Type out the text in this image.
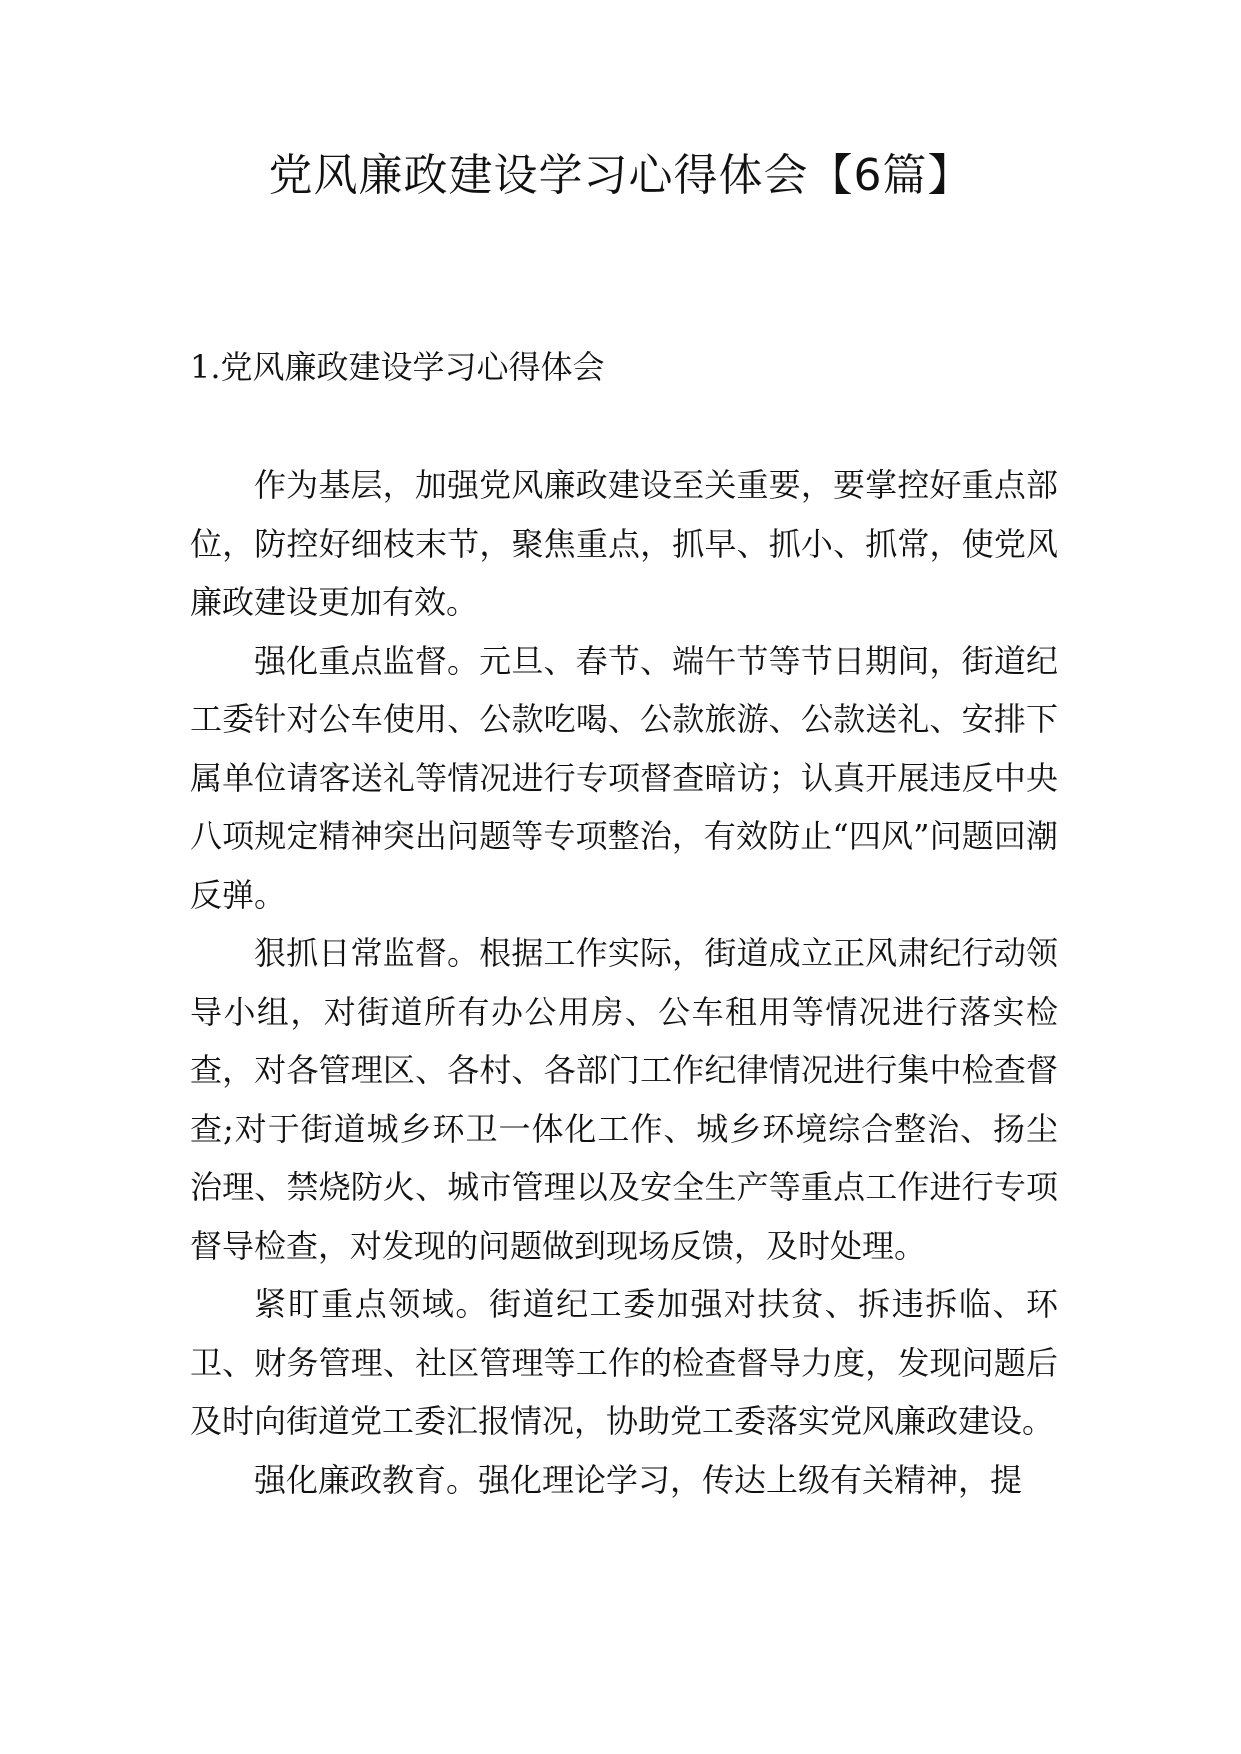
党风廉政建设学习心得体会【6篇】
1.党风廉政建设学习心得体会

作为基层，加强党风廉政建设至关重要，要掌控好重点部位，防控好细枝末节，聚焦重点，抓早、抓小、抓常，使党风廉政建设更加有效。

强化重点监督。元旦、春节、端午节等节日期间，街道纪工委针对公车使用、公款吃喝、公款旅游、公款送礼、安排下属单位请客送礼等情况进行专项督查暗访；认真开展违反中央八项规定精神突出问题等专项整治，有效防止“四风”问题回潮反弹。

狠抓日常监督。根据工作实际，街道成立正风肃纪行动领导小组，对街道所有办公用房、公车租用等情况进行落实检查，对各管理区、各村、各部门工作纪律情况进行集中检查督查;对于街道城乡环卫一体化工作、城乡环境综合整治、扬尘治理、禁烧防火、城市管理以及安全生产等重点工作进行专项督导检查，对发现的问题做到现场反馈，及时处理。

紧盯重点领域。街道纪工委加强对扶贫、拆违拆临、环卫、财务管理、社区管理等工作的检查督导力度，发现问题后及时向街道党工委汇报情况，协助党工委落实党风廉政建设。

强化廉政教育。强化理论学习，传达上级有关精神，提
